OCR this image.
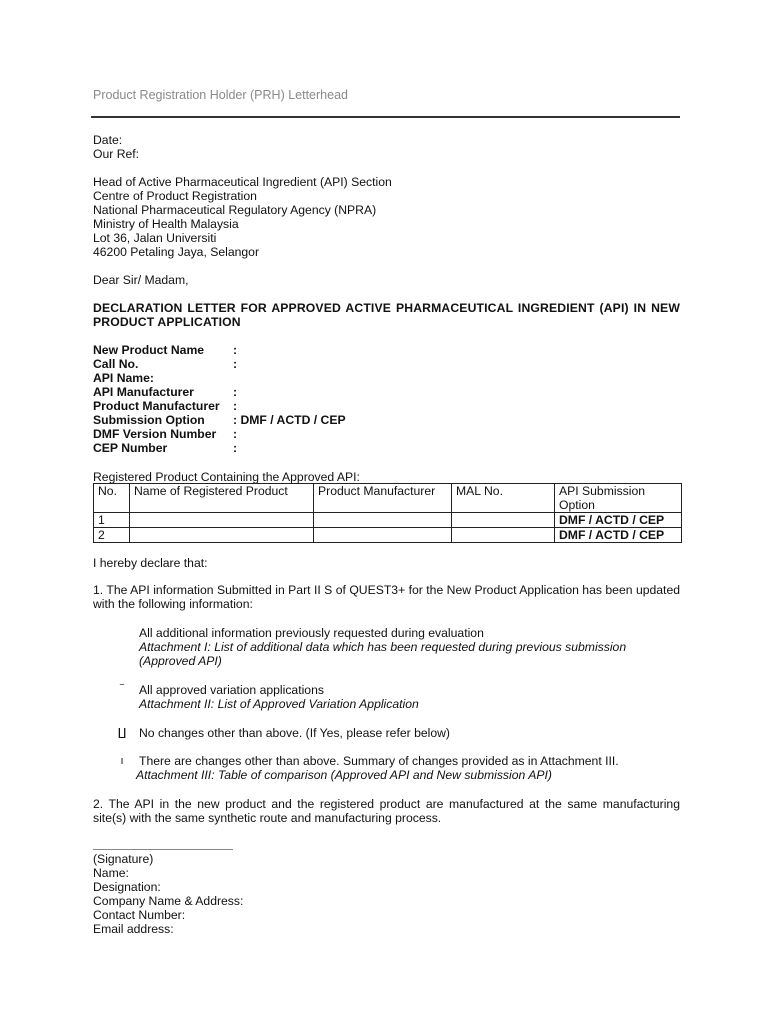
Product Registration Holder (PRH) Letterhead
Date:
Our Ref:
Head of Active Pharmaceutical Ingredient (API) Section
Centre of Product Registration
National Pharmaceutical Regulatory Agency (NPRA)
Ministry of Health Malaysia
Lot 36, Jalan Universiti
46200 Petaling Jaya, Selangor
Dear Sir/ Madam,
DECLARATION LETTER FOR APPROVED ACTIVE PHARMACEUTICAL INGREDIENT (API) IN NEW PRODUCT APPLICATION
New Product Name	:
Call No.	:
API Name:
API Manufacturer	:
Product Manufacturer	:
Submission Option	: DMF / ACTD / CEP
DMF Version Number	:
CEP Number	:
Registered Product Containing the Approved API:
No.	Name of Registered Product	Product Manufacturer	MAL No.	API Submission Option
1				DMF / ACTD / CEP
2				DMF / ACTD / CEP
I hereby declare that:
1. The API information Submitted in Part II S of QUEST3+ for the New Product Application has been updated with the following information:
All additional information previously requested during evaluation
Attachment I: List of additional data which has been requested during previous submission (Approved API)
‾	All approved variation applications
Attachment II: List of Approved Variation Application
∐ No changes other than above. (If Yes, please refer below)
ı	There are changes other than above. Summary of changes provided as in Attachment III.
Attachment III: Table of comparison (Approved API and New submission API)
2. The API in the new product and the registered product are manufactured at the same manufacturing site(s) with the same synthetic route and manufacturing process.
(Signature)
Name:
Designation:
Company Name & Address:
Contact Number:
Email address:
